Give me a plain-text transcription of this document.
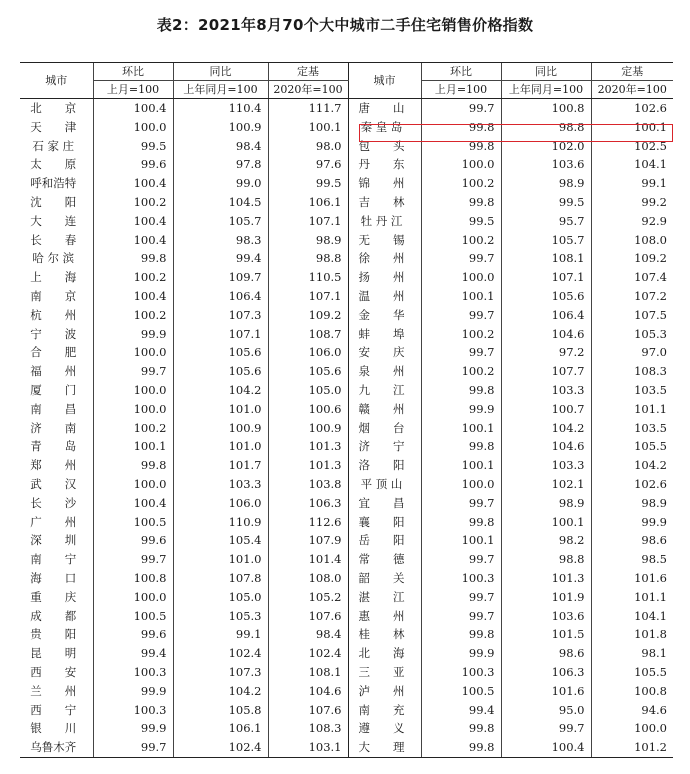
表2：2021年8月70个大中城市二手住宅销售价格指数
城市	环比	同比	定基	城市	环比	同比	定基
	上月=100	上年同月=100	2020年=100		上月=100	上年同月=100	2020年=100
北　　京	100.4	110.4	111.7	唐　　山	99.7	100.8	102.6
天　　津	100.0	100.9	100.1	秦 皇 岛	99.8	98.8	100.1
石 家 庄	99.5	98.4	98.0	包　　头	99.8	102.0	102.5
太　　原	99.6	97.8	97.6	丹　　东	100.0	103.6	104.1
呼和浩特	100.4	99.0	99.5	锦　　州	100.2	98.9	99.1
沈　　阳	100.2	104.5	106.1	吉　　林	99.8	99.5	99.2
大　　连	100.4	105.7	107.1	牡 丹 江	99.5	95.7	92.9
长　　春	100.4	98.3	98.9	无　　锡	100.2	105.7	108.0
哈 尔 滨	99.8	99.4	98.8	徐　　州	99.7	108.1	109.2
上　　海	100.2	109.7	110.5	扬　　州	100.0	107.1	107.4
南　　京	100.4	106.4	107.1	温　　州	100.1	105.6	107.2
杭　　州	100.2	107.3	109.2	金　　华	99.7	106.4	107.5
宁　　波	99.9	107.1	108.7	蚌　　埠	100.2	104.6	105.3
合　　肥	100.0	105.6	106.0	安　　庆	99.7	97.2	97.0
福　　州	99.7	105.6	105.6	泉　　州	100.2	107.7	108.3
厦　　门	100.0	104.2	105.0	九　　江	99.8	103.3	103.5
南　　昌	100.0	101.0	100.6	赣　　州	99.9	100.7	101.1
济　　南	100.2	100.9	100.9	烟　　台	100.1	104.2	103.5
青　　岛	100.1	101.0	101.3	济　　宁	99.8	104.6	105.5
郑　　州	99.8	101.7	101.3	洛　　阳	100.1	103.3	104.2
武　　汉	100.0	103.3	103.8	平 顶 山	100.0	102.1	102.6
长　　沙	100.4	106.0	106.3	宜　　昌	99.7	98.9	98.9
广　　州	100.5	110.9	112.6	襄　　阳	99.8	100.1	99.9
深　　圳	99.6	105.4	107.9	岳　　阳	100.1	98.2	98.6
南　　宁	99.7	101.0	101.4	常　　德	99.7	98.8	98.5
海　　口	100.8	107.8	108.0	韶　　关	100.3	101.3	101.6
重　　庆	100.0	105.0	105.2	湛　　江	99.7	101.9	101.1
成　　都	100.5	105.3	107.6	惠　　州	99.7	103.6	104.1
贵　　阳	99.6	99.1	98.4	桂　　林	99.8	101.5	101.8
昆　　明	99.4	102.4	102.4	北　　海	99.9	98.6	98.1
西　　安	100.3	107.3	108.1	三　　亚	100.3	106.3	105.5
兰　　州	99.9	104.2	104.6	泸　　州	100.5	101.6	100.8
西　　宁	100.3	105.8	107.6	南　　充	99.4	95.0	94.6
银　　川	99.9	106.1	108.3	遵　　义	99.8	99.7	100.0
乌鲁木齐	99.7	102.4	103.1	大　　理	99.8	100.4	101.2
